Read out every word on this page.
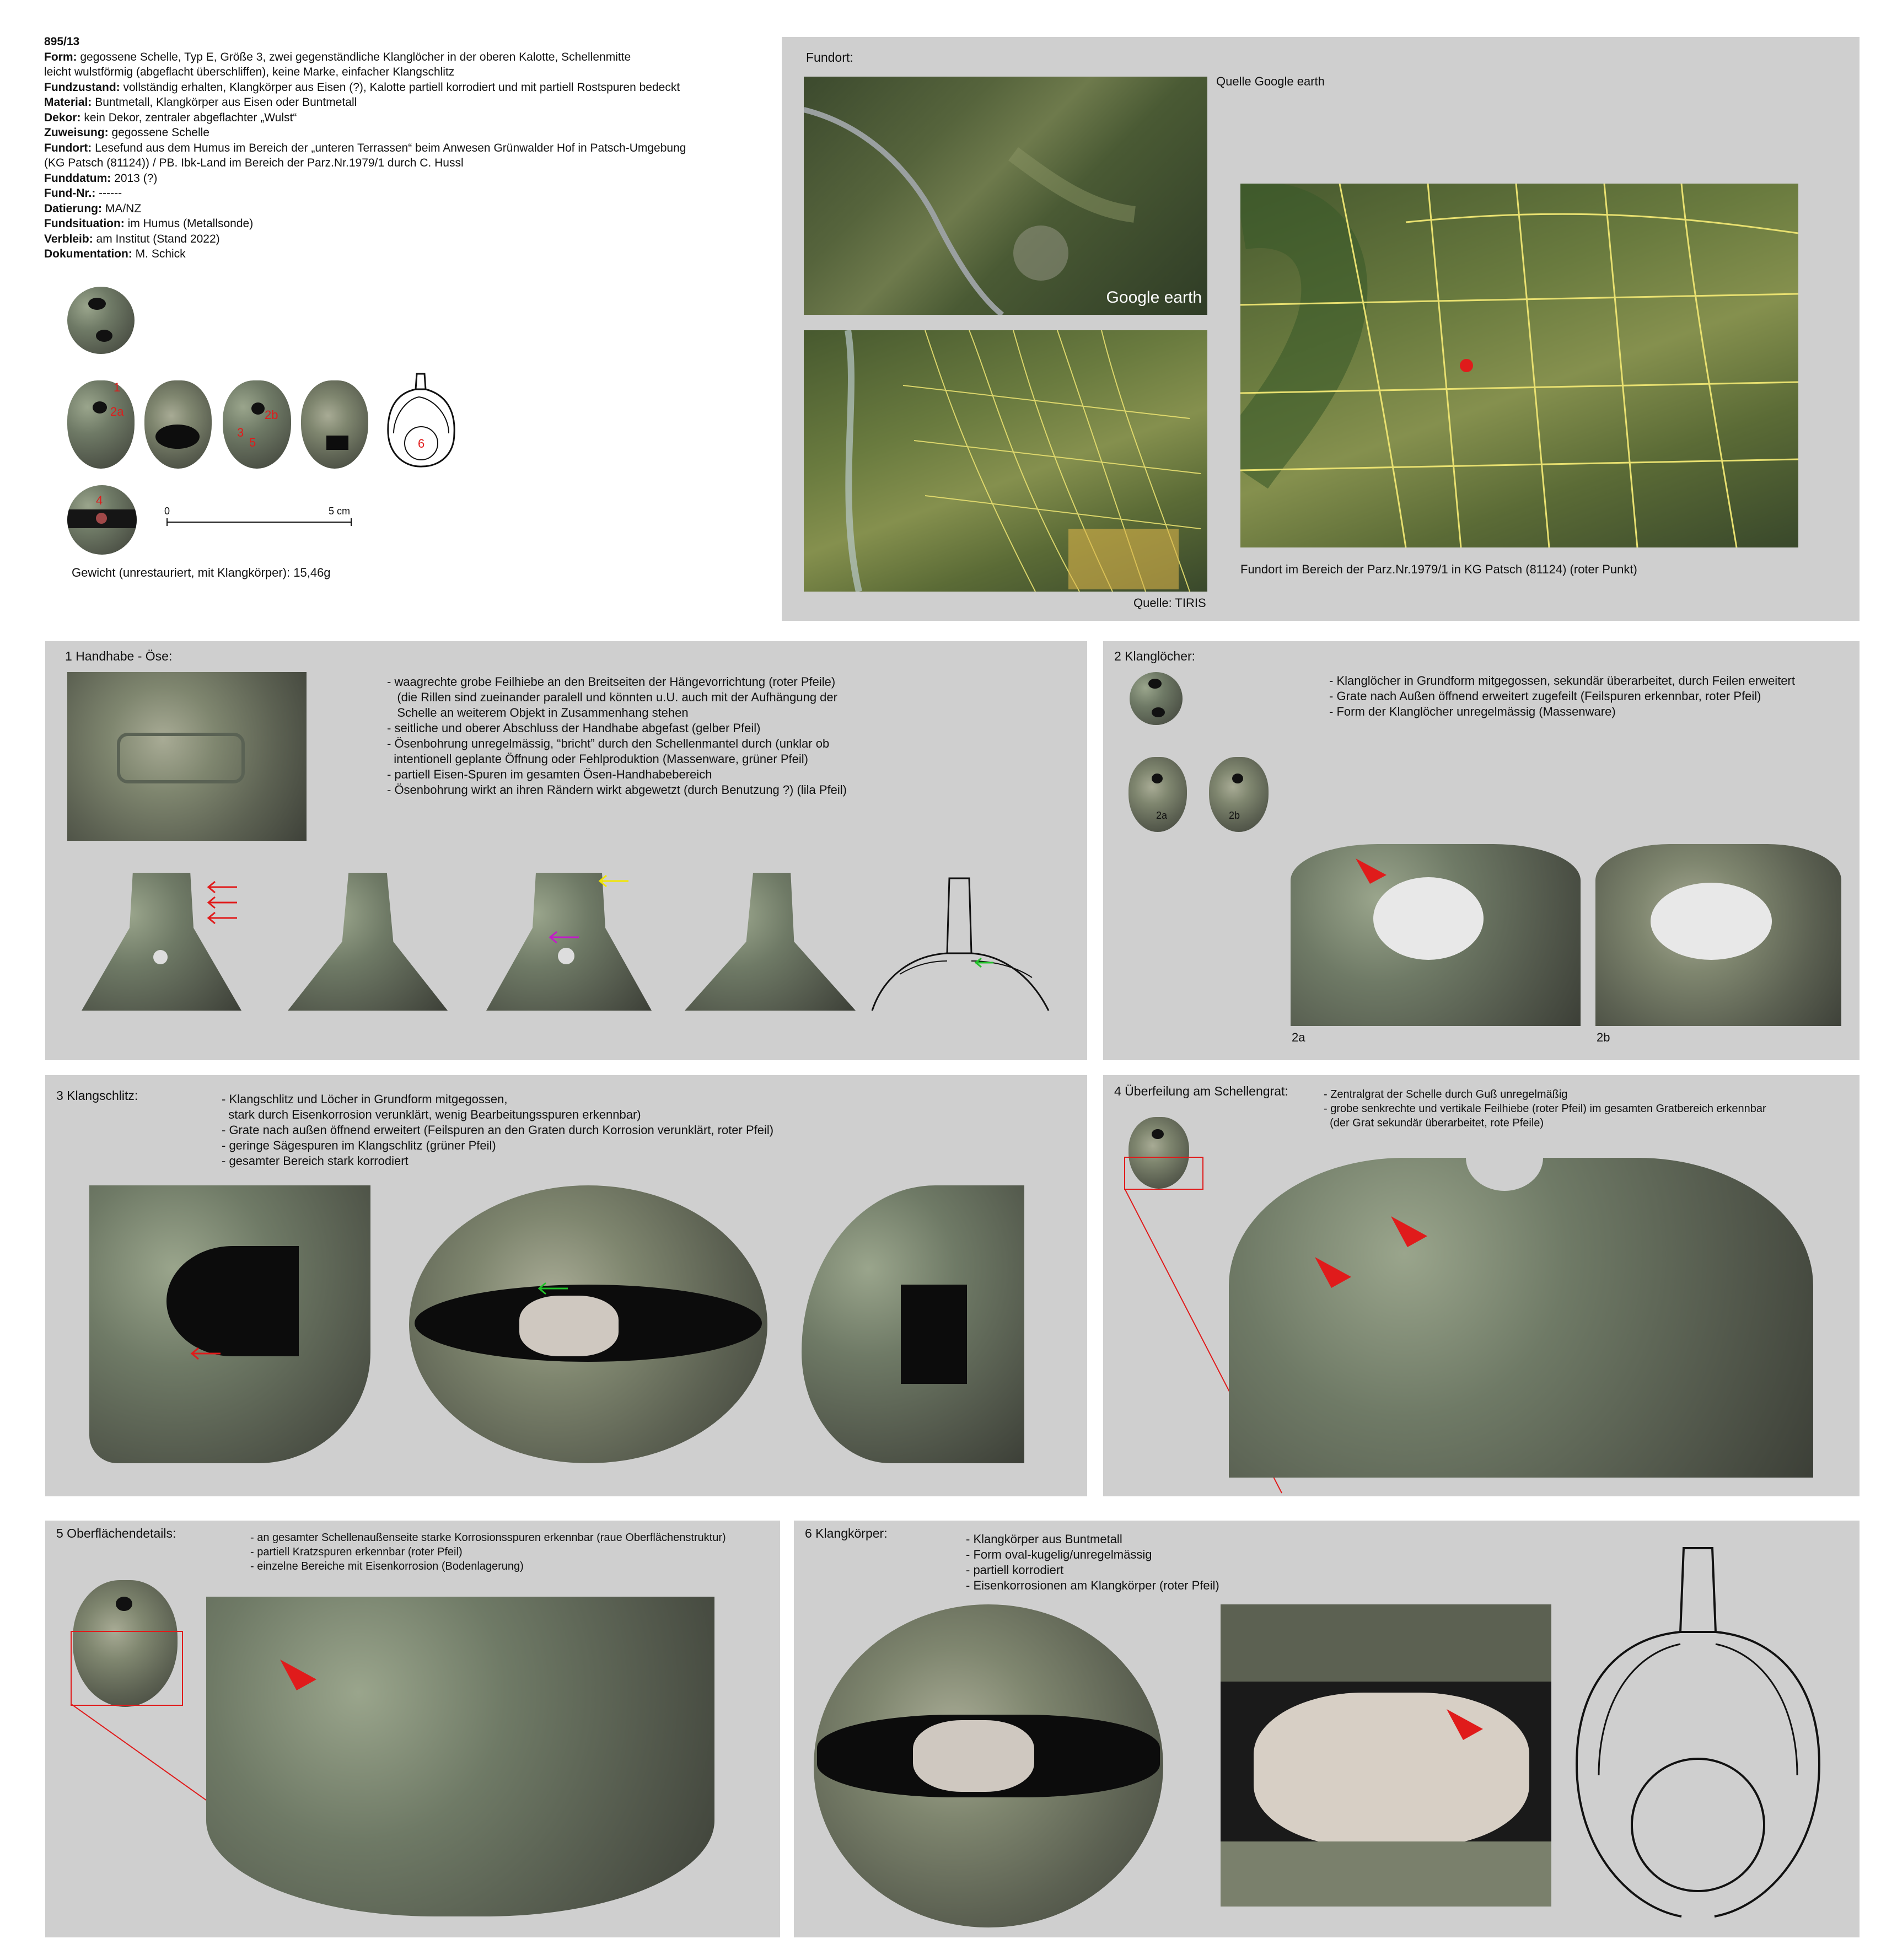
895/13
Form: gegossene Schelle, Typ E, Größe 3, zwei gegenständliche Klanglöcher in der oberen Kalotte, Schellenmitte
leicht wulstförmig (abgeflacht überschliffen), keine Marke, einfacher Klangschlitz
Fundzustand: vollständig erhalten, Klangkörper aus Eisen (?), Kalotte partiell korrodiert und mit partiell Rostspuren bedeckt
Material: Buntmetall, Klangkörper aus Eisen oder Buntmetall
Dekor: kein Dekor, zentraler abgeflachter „Wulst“
Zuweisung: gegossene Schelle
Fundort: Lesefund aus dem Humus im Bereich der „unteren Terrassen“ beim Anwesen Grünwalder Hof in Patsch-Umgebung
(KG Patsch (81124)) / PB. Ibk-Land im Bereich der Parz.Nr.1979/1 durch C. Hussl
Funddatum: 2013 (?)
Fund-Nr.: ------
Datierung: MA/NZ
Fundsituation: im Humus (Metallsonde)
Verbleib: am Institut (Stand 2022)
Dokumentation: M. Schick
1
2a	2b
3
5	6
4
0	5 cm
Gewicht (unrestauriert, mit Klangkörper): 15,46g
Fundort:
Google earth
Quelle Google earth
Quelle: TIRIS
Fundort im Bereich der Parz.Nr.1979/1 in KG Patsch (81124) (roter Punkt)
1 Handhabe - Öse:
- waagrechte grobe Feilhiebe an den Breitseiten der Hängevorrichtung (roter Pfeile)
(die Rillen sind zueinander paralell und könnten u.U. auch mit der Aufhängung der
Schelle an weiterem Objekt in Zusammenhang stehen
- seitliche und oberer Abschluss der Handhabe abgefast (gelber Pfeil)
- Ösenbohrung unregelmässig, “bricht” durch den Schellenmantel durch (unklar ob
intentionell geplante Öffnung oder Fehlproduktion (Massenware, grüner Pfeil)
- partiell Eisen-Spuren im gesamten Ösen-Handhabebereich
- Ösenbohrung wirkt an ihren Rändern wirkt abgewetzt (durch Benutzung ?) (lila Pfeil)
2 Klanglöcher:
- Klanglöcher in Grundform mitgegossen, sekundär überarbeitet, durch Feilen erweitert
- Grate nach Außen öffnend erweitert zugefeilt (Feilspuren erkennbar, roter Pfeil)
- Form der Klanglöcher unregelmässig (Massenware)
2a	2b
2a	2b
3 Klangschlitz:	- Klangschlitz und Löcher in Grundform mitgegossen,
stark durch Eisenkorrosion verunklärt, wenig Bearbeitungsspuren erkennbar)
- Grate nach außen öffnend erweitert (Feilspuren an den Graten durch Korrosion verunklärt, roter Pfeil)
- geringe Sägespuren im Klangschlitz (grüner Pfeil)
- gesamter Bereich stark korrodiert
4 Überfeilung am Schellengrat:	- Zentralgrat der Schelle durch Guß unregelmäßig
- grobe senkrechte und vertikale Feilhiebe (roter Pfeil) im gesamten Gratbereich erkennbar
(der Grat sekundär überarbeitet, rote Pfeile)
5 Oberflächendetails:	- an gesamter Schellenaußenseite starke Korrosionsspuren erkennbar (raue Oberflächenstruktur)
- partiell Kratzspuren erkennbar (roter Pfeil)
- einzelne Bereiche mit Eisenkorrosion (Bodenlagerung)
6 Klangkörper:	- Klangkörper aus Buntmetall
- Form oval-kugelig/unregelmässig
- partiell korrodiert
- Eisenkorrosionen am Klangkörper (roter Pfeil)
